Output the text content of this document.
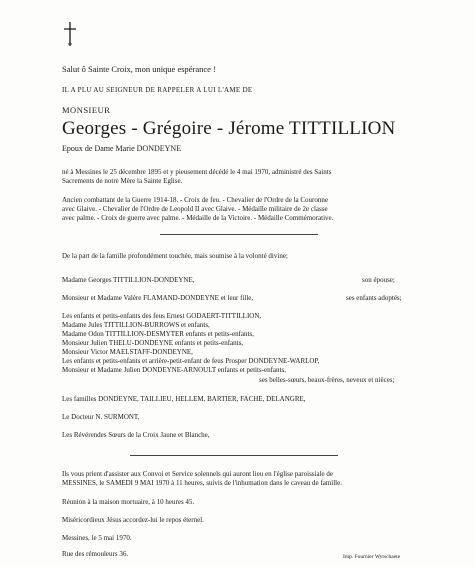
Salut ô Sainte Croix, mon unique espérance !
IL A PLU AU SEIGNEUR DE RAPPELER A LUI L'AME DE
MONSIEUR
Georges - Grégoire - Jérome TITTILLION
Epoux de Dame Marie DONDEYNE
né à Messines le 25 décembre 1895 et y pieusement décédé le 4 mai 1970, administré des Saints
Sacrements de notre Mère la Sainte Eglise.
Ancien combattant de la Guerre 1914-18. - Croix de feu. - Chevalier de l'Ordre de la Couronne
avec Glaive. - Chevalier de l'Ordre de Leopold II avec Glaive. - Médaille militaire de 2e classe
avec palme. - Croix de guerre avec palme. - Médaille de la Victoire. - Médaille Commémorative.
De la part de la famille profondément touchée, mais soumise à la volonté divine;
Madame Georges TITTILLION-DONDEYNE,	son épouse;
Monsieur et Madame Valère FLAMAND-DONDEYNE et leur fille,	ses enfants adoptés;
Les enfants et petits-enfants des feus Ernest GODAERT-TITTILLION,
Madame Jules TITTILLION-BURROWS et enfants,
Madame Odon TITTILLION-DESMYTER enfants et petits-enfants,
Monsieur Julien THELU-DONDEYNE enfants et petits-enfants,
Monsieur Victor MAELSTAFF-DONDEYNE,
Les enfants et petits-enfants et arrière-petit-enfant de feus Prosper DONDEYNE-WARLOP,
Monsieur et Madame Julien DONDEYNE-ARNOULT enfants et petits-enfants,
ses belles-sœurs, beaux-frères, neveux et nièces;
Les familles DONDEYNE, TAILLIEU, HELLEM, BARTIER, FACHE, DELANGRE,
Le Docteur N. SURMONT,
Les Révérendes Sœurs de la Croix Jaune et Blanche,
Ils vous prient d'assister aux Convoi et Service solennels qui auront lieu en l'église paroissiale de
MESSINES, le SAMEDI 9 MAI 1970 à 11 heures, suivis de l'inhumation dans le caveau de famille.
Réunion à la maison mortuaire, à 10 heures 45.
Miséricordieux Jésus accordez-lui le repos éternel.
Messines, le 5 mai 1970.
Rue des rémouleurs 36.	Imp. Fournier Wytschaete
